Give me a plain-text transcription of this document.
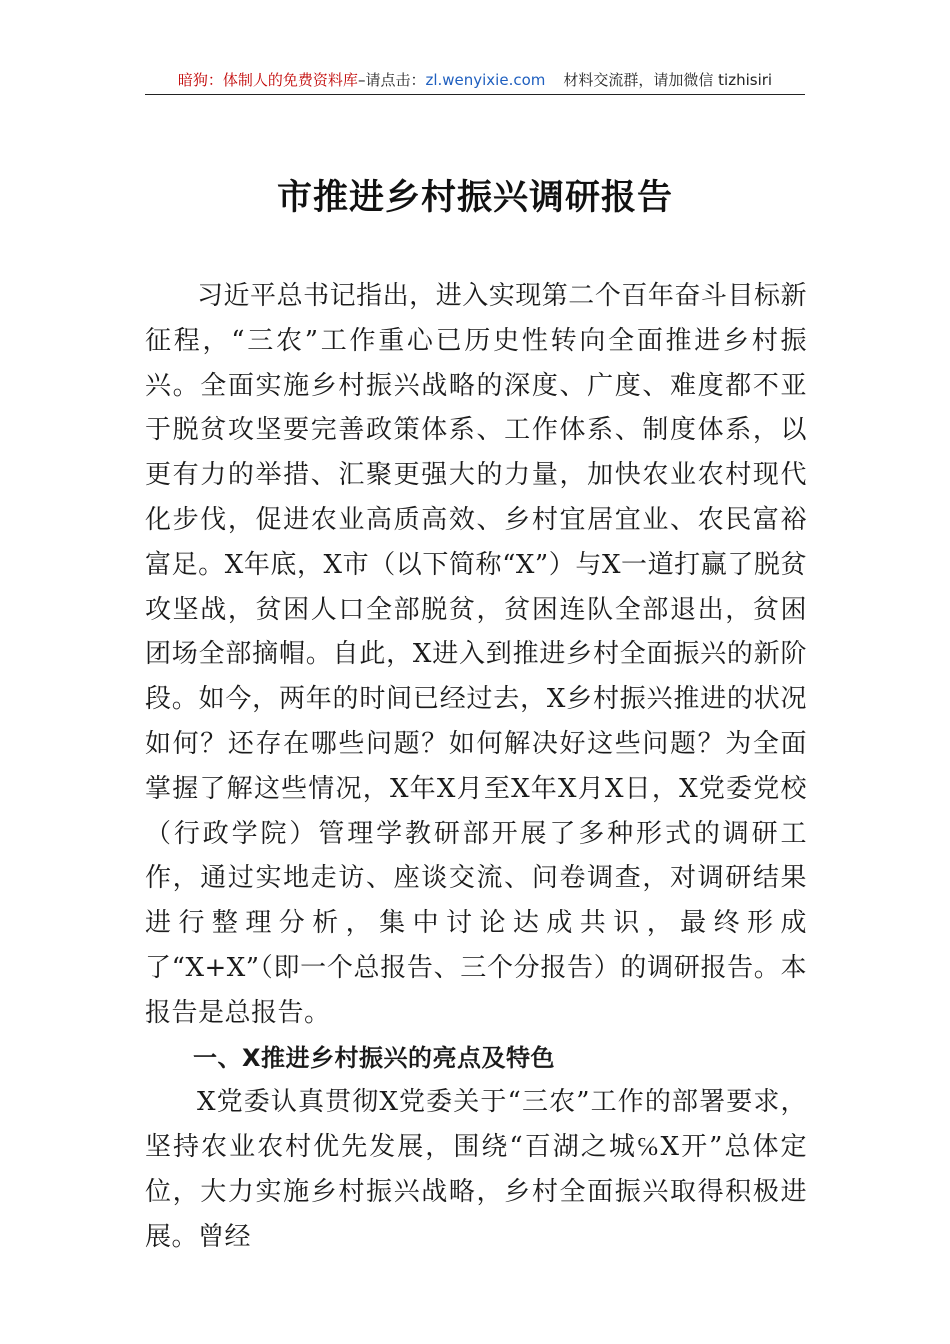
暗狗：体制人的免费资料库–请点击：zl.wenyixie.com 材料交流群，请加微信 tizhisiri
市推进乡村振兴调研报告

习近平总书记指出，进入实现第二个百年奋斗目标新征程，“三农”工作重心已历史性转向全面推进乡村振兴。全面实施乡村振兴战略的深度、广度、难度都不亚于脱贫攻坚要完善政策体系、工作体系、制度体系，以更有力的举措、汇聚更强大的力量，加快农业农村现代化步伐，促进农业高质高效、乡村宜居宜业、农民富裕富足。X年底，X市（以下简称“X”）与X一道打赢了脱贫攻坚战，贫困人口全部脱贫，贫困连队全部退出，贫困团场全部摘帽。自此，X进入到推进乡村全面振兴的新阶段。如今，两年的时间已经过去，X乡村振兴推进的状况如何？还存在哪些问题？如何解决好这些问题？为全面掌握了解这些情况，X年X月至X年X月X日，X党委党校（行政学院）管理学教研部开展了多种形式的调研工作，通过实地走访、座谈交流、问卷调查，对调研结果进行整理分析，集中讨论达成共识，最终形成了“X+X”（即一个总报告、三个分报告）的调研报告。本报告是总报告。

一、X推进乡村振兴的亮点及特色

X党委认真贯彻X党委关于“三农”工作的部署要求，坚持农业农村优先发展，围绕“百湖之城℅X开”总体定位，大力实施乡村振兴战略，乡村全面振兴取得积极进展。曾经
